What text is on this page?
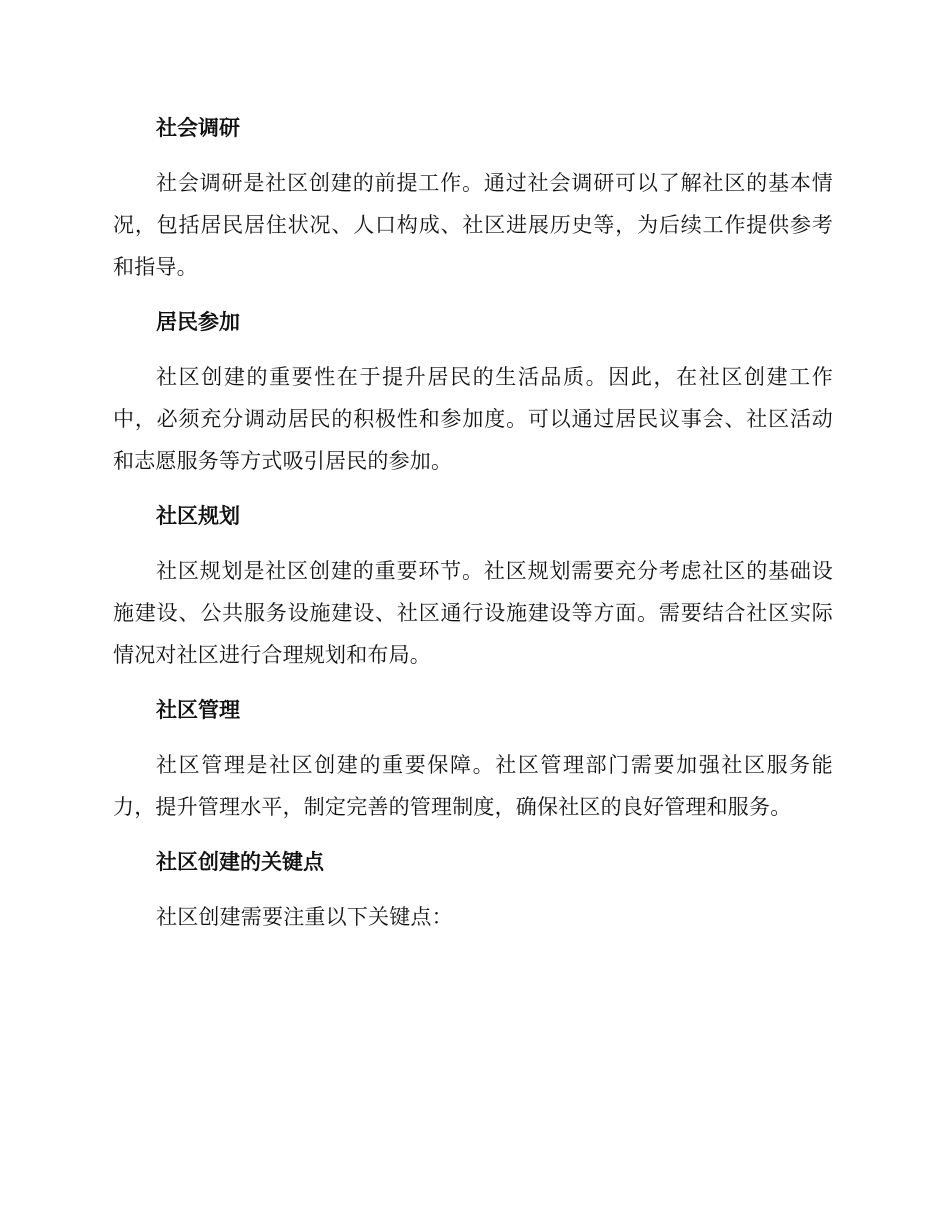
社会调研

社会调研是社区创建的前提工作。通过社会调研可以了解社区的基本情况，包括居民居住状况、人口构成、社区进展历史等，为后续工作提供参考和指导。

居民参加

社区创建的重要性在于提升居民的生活品质。因此，在社区创建工作中，必须充分调动居民的积极性和参加度。可以通过居民议事会、社区活动和志愿服务等方式吸引居民的参加。

社区规划

社区规划是社区创建的重要环节。社区规划需要充分考虑社区的基础设施建设、公共服务设施建设、社区通行设施建设等方面。需要结合社区实际情况对社区进行合理规划和布局。

社区管理

社区管理是社区创建的重要保障。社区管理部门需要加强社区服务能力，提升管理水平，制定完善的管理制度，确保社区的良好管理和服务。

社区创建的关键点

社区创建需要注重以下关键点：
